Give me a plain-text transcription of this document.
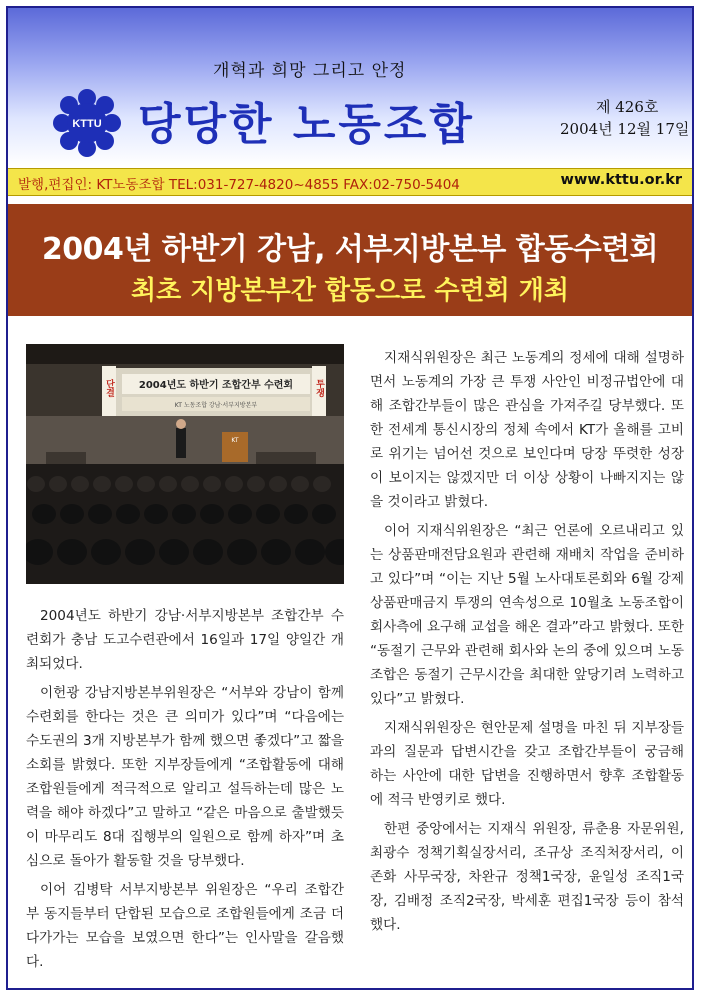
개혁과 희망 그리고 안정
KTTU 당당한 노동조합	제 426호
2004년 12월 17일
발행,편집인: KT노동조합 TEL:031-727-4820~4855 FAX:02-750-5404	www.kttu.or.kr
2004년 하반기 강남, 서부지방본부 합동수련회
최초 지방본부간 합동으로 수련회 개최
2004년도 하반기 조합간부 수련회
KT 노동조합 강남·서부지방본부
단결	투쟁
KT

2004년도 하반기 강남·서부지방본부 조합간부 수련회가 충남 도고수련관에서 16일과 17일 양일간 개최되었다.

이헌광 강남지방본부위원장은 “서부와 강남이 함께 수련회를 한다는 것은 큰 의미가 있다”며 “다음에는 수도권의 3개 지방본부가 함께 했으면 좋겠다”고 짧을 소회를 밝혔다. 또한 지부장들에게 “조합활동에 대해 조합원들에게 적극적으로 알리고 설득하는데 많은 노력을 해야 하겠다”고 말하고 “같은 마음으로 출발했듯이 마무리도 8대 집행부의 일원으로 함께 하자”며 초심으로 돌아가 활동할 것을 당부했다.

이어 김병탁 서부지방본부 위원장은 “우리 조합간부 동지들부터 단합된 모습으로 조합원들에게 조금 더 다가가는 모습을 보였으면 한다”는 인사말을 갈음했다.

지재식위원장은 최근 노동계의 정세에 대해 설명하면서 노동계의 가장 큰 투쟁 사안인 비정규법안에 대해 조합간부들이 많은 관심을 가져주길 당부했다. 또한 전세계 통신시장의 정체 속에서 KT가 올해를 고비로 위기는 넘어선 것으로 보인다며 당장 뚜렷한 성장이 보이지는 않겠지만 더 이상 상황이 나빠지지는 않을 것이라고 밝혔다.

이어 지재식위원장은 “최근 언론에 오르내리고 있는 상품판매전담요원과 관련해 재배치 작업을 준비하고 있다”며 “이는 지난 5월 노사대토론회와 6월 강제상품판매금지 투쟁의 연속성으로 10월초 노동조합이 회사측에 요구해 교섭을 해온 결과”라고 밝혔다. 또한 “동절기 근무와 관련해 회사와 논의 중에 있으며 노동조합은 동절기 근무시간을 최대한 앞당기려 노력하고 있다”고 밝혔다.

지재식위원장은 현안문제 설명을 마친 뒤 지부장들과의 질문과 답변시간을 갖고 조합간부들이 궁금해 하는 사안에 대한 답변을 진행하면서 향후 조합활동에 적극 반영키로 했다.

한편 중앙에서는 지재식 위원장, 류춘용 자문위원, 최광수 정책기획실장서리, 조규상 조직처장서리, 이존화 사무국장, 차완규 정책1국장, 윤일성 조직1국장, 김배정 조직2국장, 박세훈 편집1국장 등이 참석했다.
